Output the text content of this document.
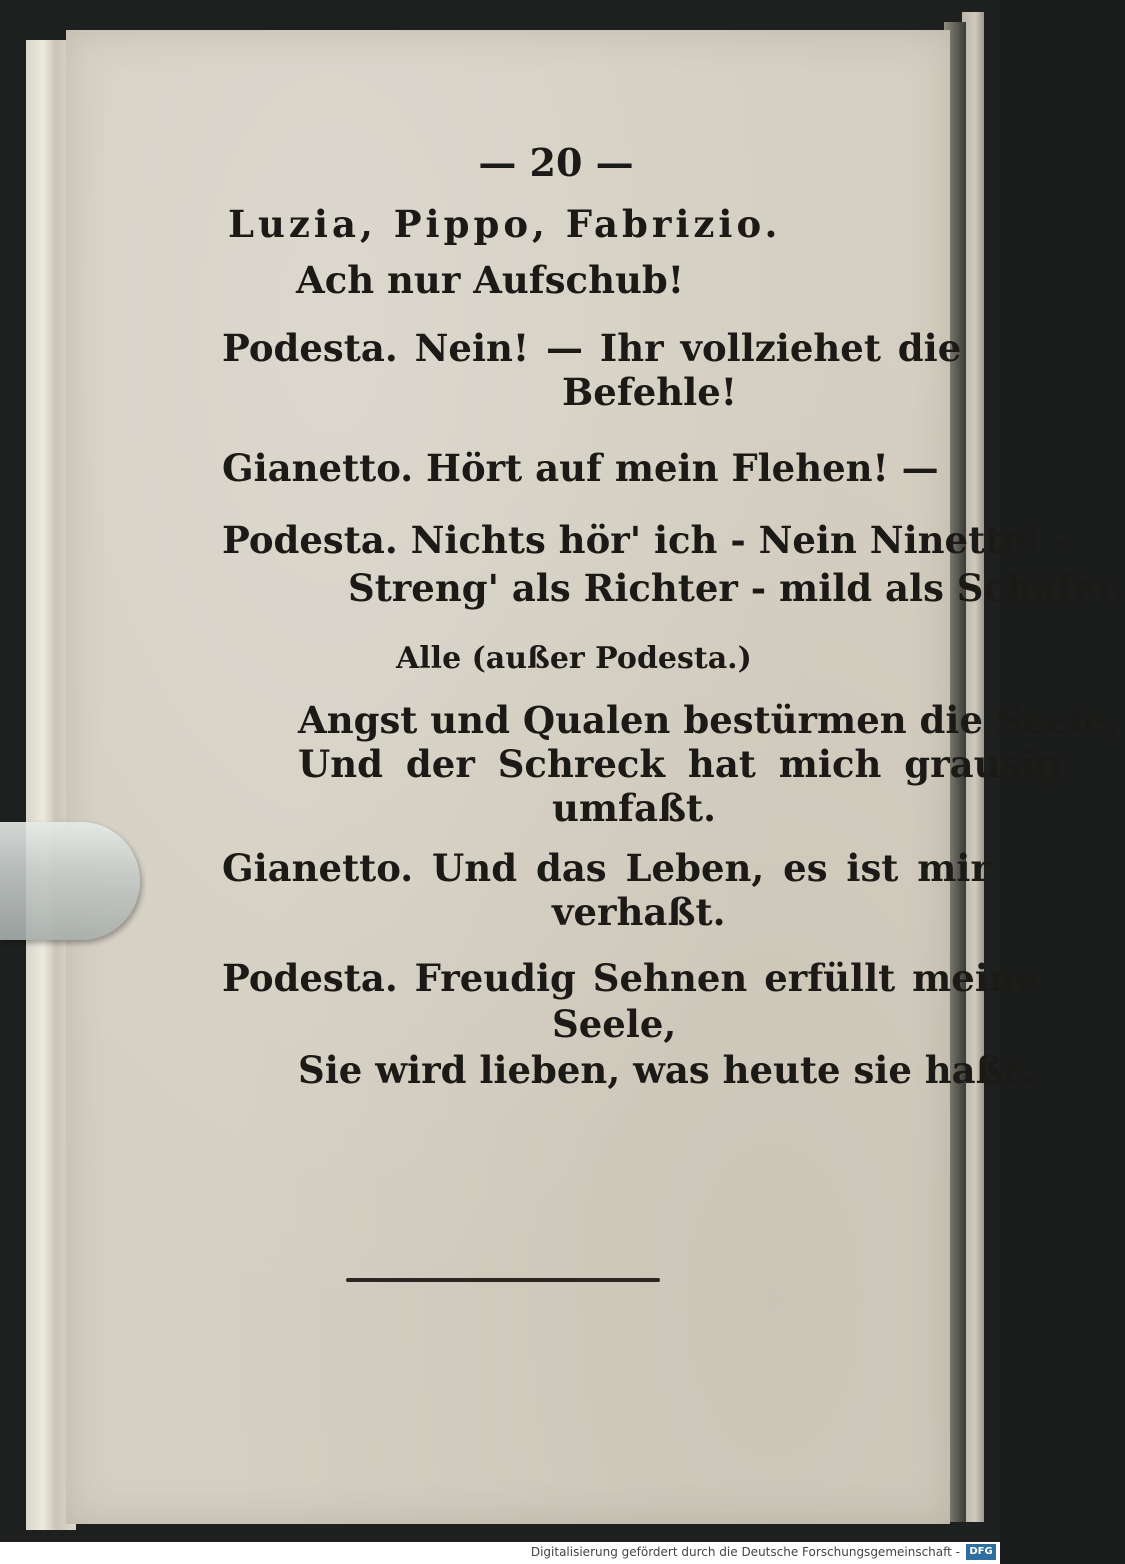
— 20 —
Luzia, Pippo, Fabrizio.
Ach nur Aufschub!
Podesta. Nein! — Ihr vollziehet die
Befehle!
Gianetto. Hört auf mein Flehen! —
Podesta. Nichts hör' ich - Nein Ninette! -
Streng' als Richter - mild als Schäfer.
Alle (außer Podesta.)
Angst und Qualen bestürmen die Seele,
Und der Schreck hat mich grausig
umfaßt.
Gianetto. Und das Leben, es ist mir
verhaßt.
Podesta. Freudig Sehnen erfüllt meine
Seele,
Sie wird lieben, was heute sie haßt.
Digitalisierung gefördert durch die Deutsche Forschungsgemeinschaft - DFG
